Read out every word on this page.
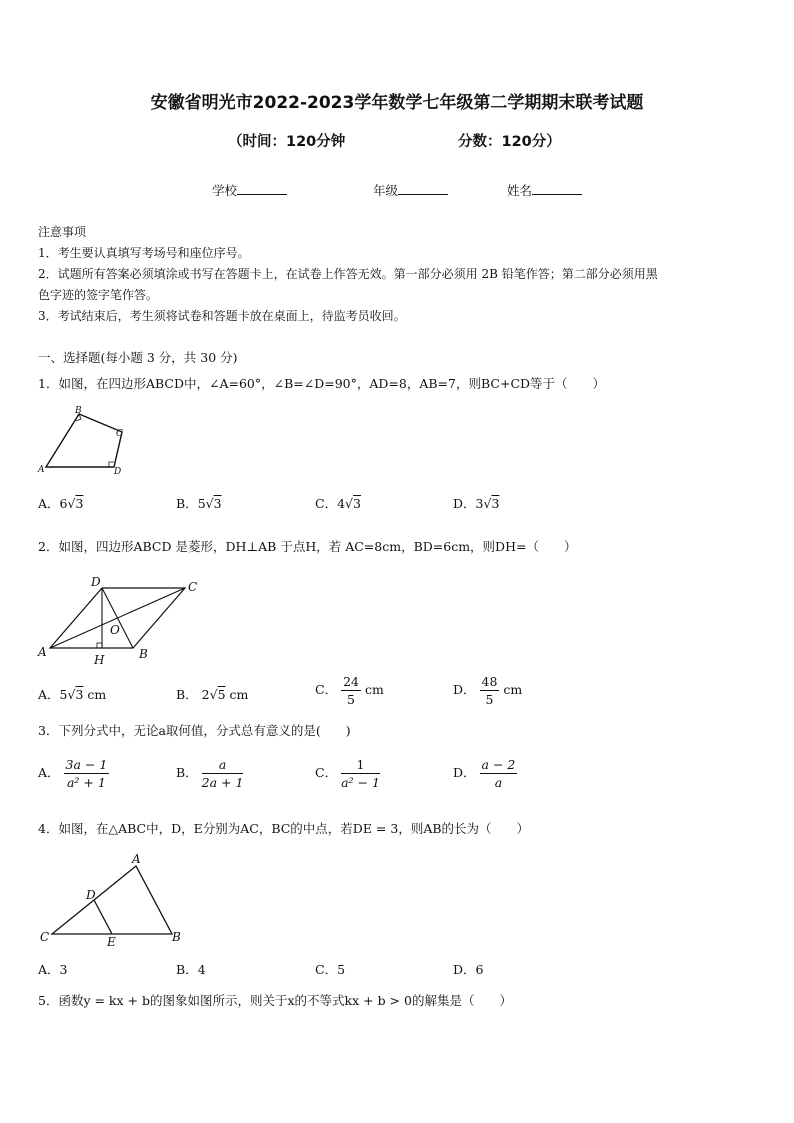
安徽省明光市2022-2023学年数学七年级第二学期期末联考试题
（时间：120分钟	分数：120分）
学校	年级	姓名
注意事项
1．考生要认真填写考场号和座位序号。
2．试题所有答案必须填涂或书写在答题卡上，在试卷上作答无效。第一部分必须用 2B 铅笔作答；第二部分必须用黑
色字迹的签字笔作答。
3．考试结束后，考生须将试卷和答题卡放在桌面上，待监考员收回。
一、选择题(每小题 3 分，共 30 分)
1．如图，在四边形ABCD中，∠A=60°，∠B=∠D=90°，AD=8，AB=7，则BC+CD等于（　　）
A
B
C
D
A．6√3	B．5√3	C．4√3	D．3√3
2．如图，四边形ABCD 是菱形，DH⊥AB 于点H，若 AC=8cm，BD=6cm，则DH=（　　）
D	C
O
A
H	B
A．5√3 cm	B． 2√5 cm	C． $\frac{24}{5}$ cm	D． $\frac{48}{5}$ cm
3．下列分式中，无论a取何值，分式总有意义的是(　　)
A． $\frac{3a - 1}{\text{a² + 1}}$	B． $\frac{a}{2a + 1}$	C． $\frac{1}{\text{a² − 1}}$	D． $\frac{a - 2}{a}$
4．如图，在△ABC中，D，E分别为AC，BC的中点，若DE = 3，则AB的长为（　　）
A
D
C	E	B
A．3	B．4	C．5	D．6
5．函数y = kx + b的图象如图所示，则关于x的不等式kx + b > 0的解集是（　　）
